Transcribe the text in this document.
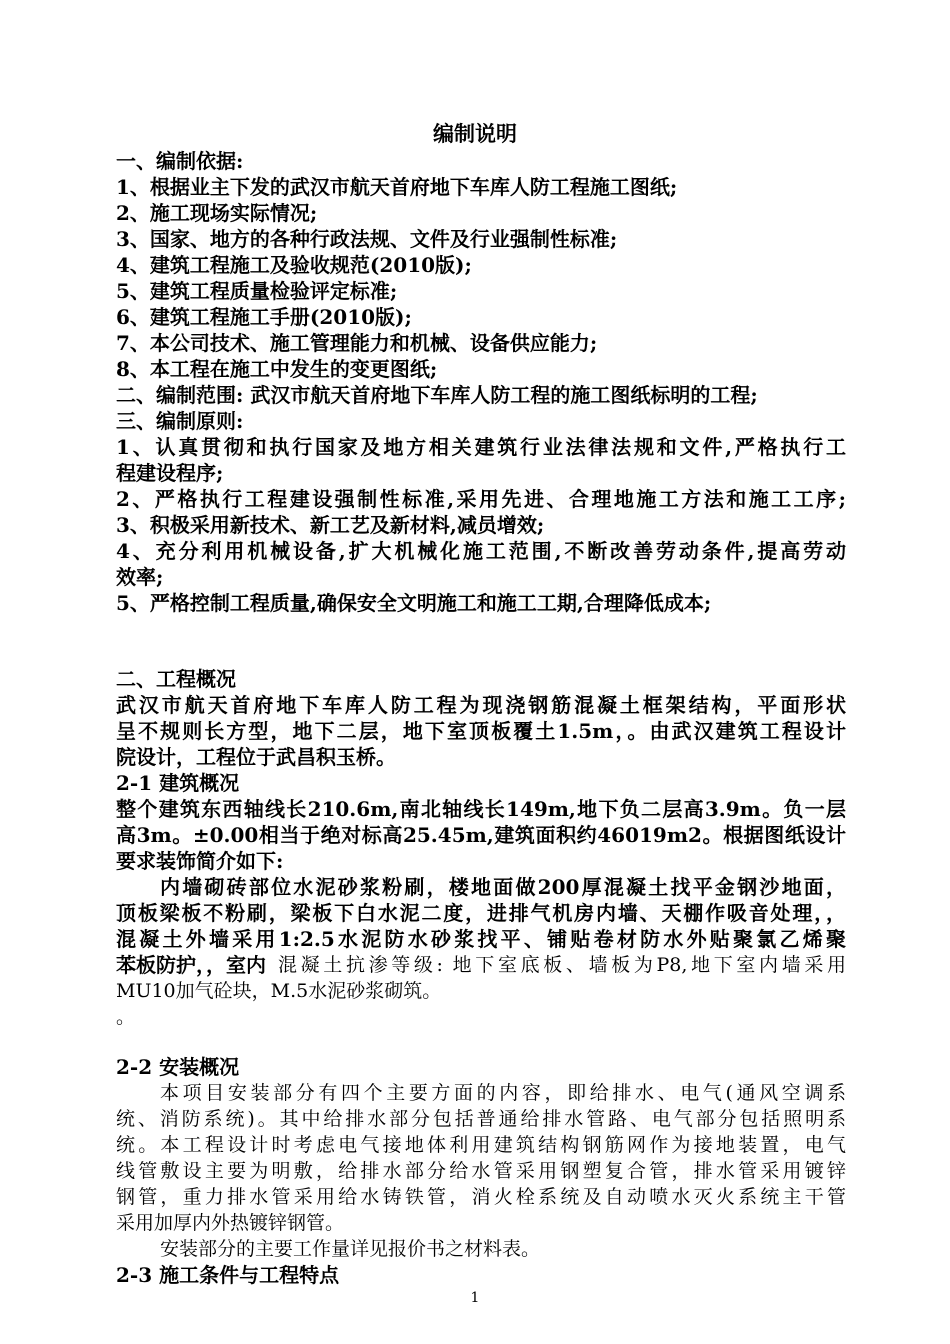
编制说明
一、编制依据:
1、根据业主下发的武汉市航天首府地下车库人防工程施工图纸;
2、施工现场实际情况;
3、国家、地方的各种行政法规、文件及行业强制性标准;
4、建筑工程施工及验收规范(2010版);
5、建筑工程质量检验评定标准;
6、建筑工程施工手册(2010版);
7、本公司技术、施工管理能力和机械、设备供应能力;
8、本工程在施工中发生的变更图纸;
二、编制范围: 武汉市航天首府地下车库人防工程的施工图纸标明的工程;
三、编制原则:
1、认真贯彻和执行国家及地方相关建筑行业法律法规和文件,严格执行工
程建设程序;
2、严格执行工程建设强制性标准,采用先进、合理地施工方法和施工工序;
3、积极采用新技术、新工艺及新材料,减员增效;
4、充分利用机械设备,扩大机械化施工范围,不断改善劳动条件,提高劳动
效率;
5、严格控制工程质量,确保安全文明施工和施工工期,合理降低成本;
二、工程概况
武汉市航天首府地下车库人防工程为现浇钢筋混凝土框架结构，平面形状
呈不规则长方型，地下二层，地下室顶板覆土1.5m，。由武汉建筑工程设计
院设计，工程位于武昌积玉桥。
2-1 建筑概况
整个建筑东西轴线长210.6m,南北轴线长149m,地下负二层高3.9m。负一层
高3m。±0.00相当于绝对标高25.45m,建筑面积约46019m2。根据图纸设计
要求装饰简介如下:
内墙砌砖部位水泥砂浆粉刷，楼地面做200厚混凝土找平金钢沙地面，
顶板梁板不粉刷，梁板下白水泥二度，进排气机房内墙、天棚作吸音处理，，
混凝土外墙采用1:2.5水泥防水砂浆找平、铺贴卷材防水外贴聚氯乙烯聚
苯板防护，，室内 混凝土抗渗等级: 地下室底板、墙板为P8,地下室内墙采用
MU10加气砼块，M.5水泥砂浆砌筑。
。
2-2 安装概况
本项目安装部分有四个主要方面的内容，即给排水、电气(通风空调系
统、消防系统)。其中给排水部分包括普通给排水管路、电气部分包括照明系
统。本工程设计时考虑电气接地体利用建筑结构钢筋网作为接地装置，电气
线管敷设主要为明敷，给排水部分给水管采用钢塑复合管，排水管采用镀锌
钢管，重力排水管采用给水铸铁管，消火栓系统及自动喷水灭火系统主干管
采用加厚内外热镀锌钢管。
安装部分的主要工作量详见报价书之材料表。
2-3 施工条件与工程特点
1
